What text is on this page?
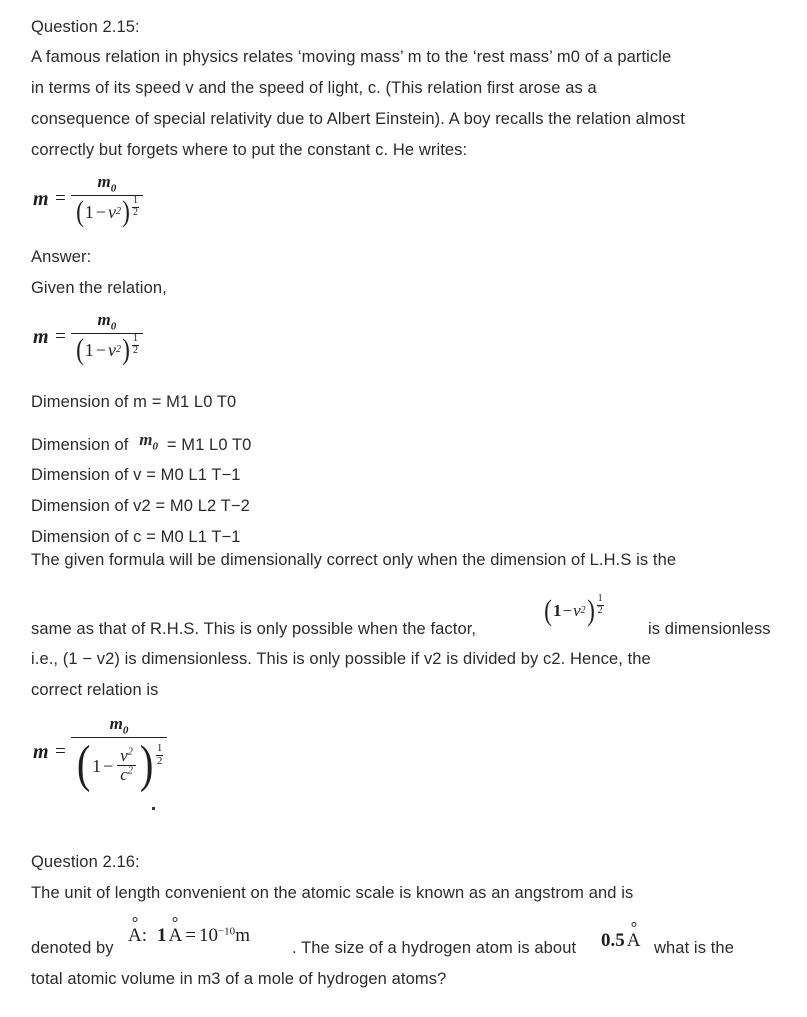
Question 2.15:
A famous relation in physics relates ‘moving mass’ m to the ‘rest mass’ m0 of a particle
in terms of its speed v and the speed of light, c. (This relation first arose as a
consequence of special relativity due to Albert Einstein). A boy recalls the relation almost
correctly but forgets where to put the constant c. He writes:
m =
$m_0$
( 1 − v 2 ) 1
2
Answer:
Given the relation,
m =
$m_0$
( 1 − v 2 ) 1
2
Dimension of m = M1 L0 T0
Dimension of $m_0 = M1$ L0 T0
Dimension of v = M0 L1 T−1
Dimension of v2 = M0 L2 T−2
Dimension of c = M0 L1 T−1
The given formula will be dimensionally correct only when the dimension of L.H.S is the
same as that of R.H.S. This is only possible when the factor,
( 1 − v 2 ) 1
2
is dimensionless
i.e., (1 − v2) is dimensionless. This is only possible if v2 is divided by c2. Hence, the
correct relation is
m =
$m_0$
( $1 - v^2$
$c^2$ ) 1
2
Question 2.16:
The unit of length convenient on the atomic scale is known as an angstrom and is
denoted by
A: 1 $A = 10^{-10}m$
. The size of a hydrogen atom is about 0.5 A what is the
total atomic volume in m3 of a mole of hydrogen atoms?
